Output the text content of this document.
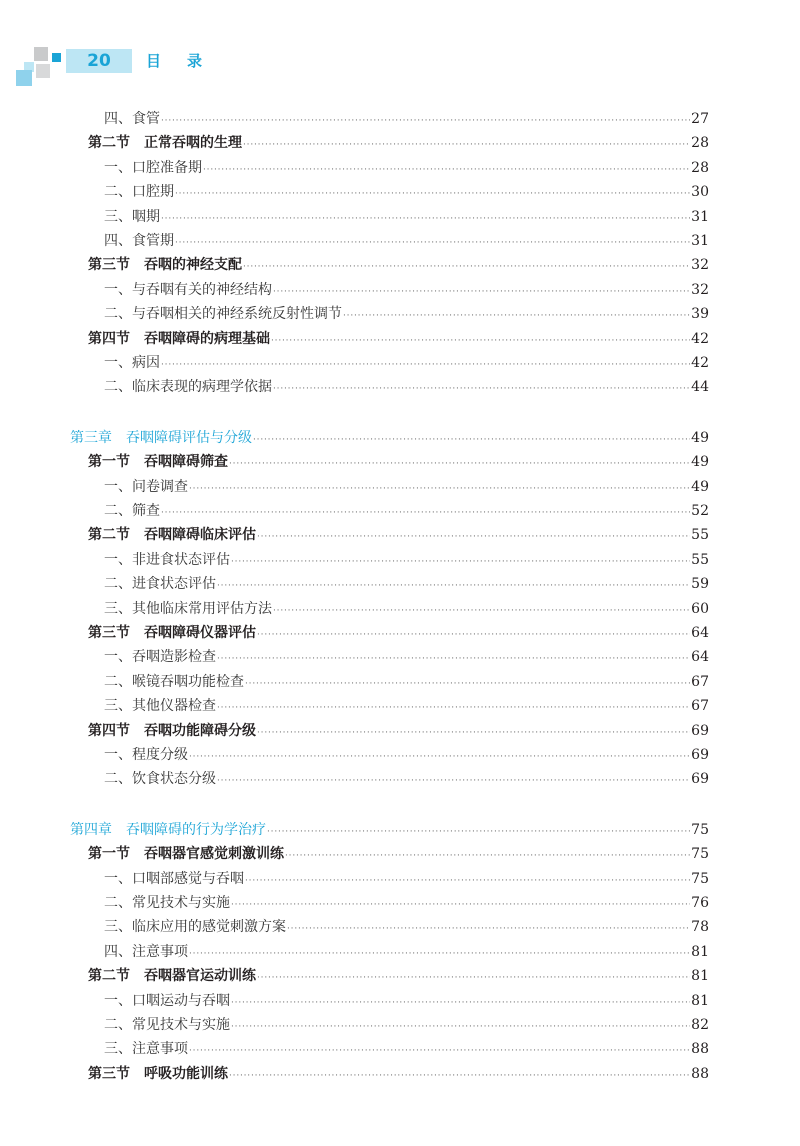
20	目录
四、食管 ·····	27
第二节 正常吞咽的生理 ·····	28
一、口腔准备期 ·····	28
二、口腔期 ·····	30
三、咽期 ·····	31
四、食管期 ·····	31
第三节 吞咽的神经支配 ·····	32
一、与吞咽有关的神经结构 ·····	32
二、与吞咽相关的神经系统反射性调节 ·····	39
第四节 吞咽障碍的病理基础 ·····	42
一、病因 ·····	42
二、临床表现的病理学依据 ·····	44
第三章 吞咽障碍评估与分级 ·····	49
第一节 吞咽障碍筛查 ·····	49
一、问卷调查 ·····	49
二、筛查 ·····	52
第二节 吞咽障碍临床评估 ·····	55
一、非进食状态评估 ·····	55
二、进食状态评估 ·····	59
三、其他临床常用评估方法 ·····	60
第三节 吞咽障碍仪器评估 ·····	64
一、吞咽造影检查 ·····	64
二、喉镜吞咽功能检查 ·····	67
三、其他仪器检查 ·····	67
第四节 吞咽功能障碍分级 ·····	69
一、程度分级 ·····	69
二、饮食状态分级 ·····	69
第四章 吞咽障碍的行为学治疗 ·····	75
第一节 吞咽器官感觉刺激训练 ·····	75
一、口咽部感觉与吞咽 ·····	75
二、常见技术与实施 ·····	76
三、临床应用的感觉刺激方案 ·····	78
四、注意事项 ·····	81
第二节 吞咽器官运动训练 ·····	81
一、口咽运动与吞咽 ·····	81
二、常见技术与实施 ·····	82
三、注意事项 ·····	88
第三节 呼吸功能训练 ·····	88
